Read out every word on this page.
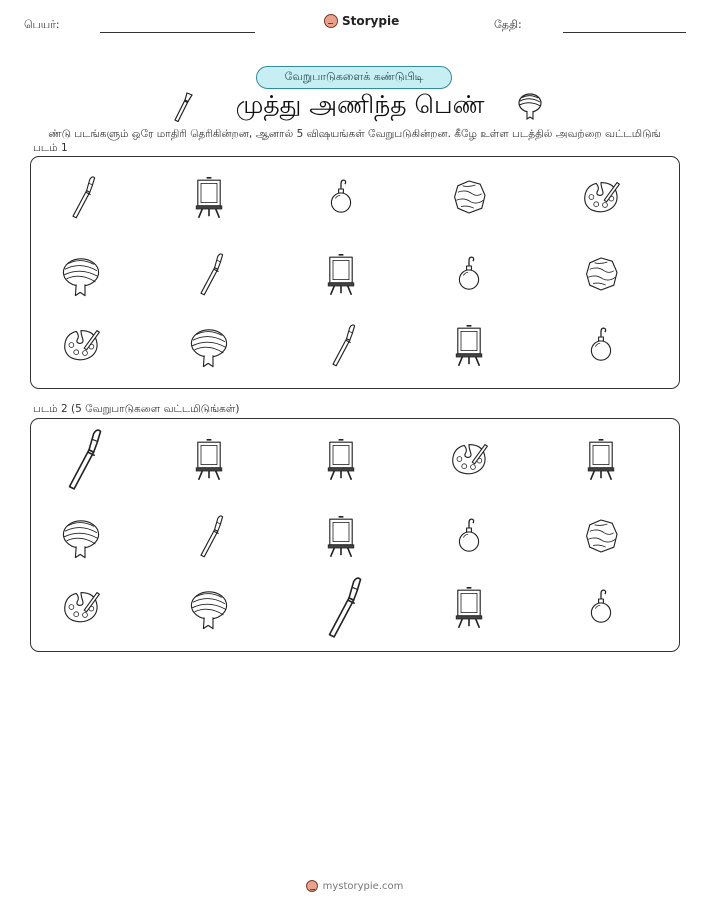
பெயர்:	Storypie	தேதி:
வேறுபாடுகளைக் கண்டுபிடி
முத்து அணிந்த பெண்
ண்டு படங்களும் ஒரே மாதிரி தெரிகின்றன, ஆனால் 5 விஷயங்கள் வேறுபடுகின்றன. கீழே உள்ள படத்தில் அவற்றை வட்டமிடுங்
படம் 1
படம் 2 (5 வேறுபாடுகளை வட்டமிடுங்கள்)
mystorypie.com
